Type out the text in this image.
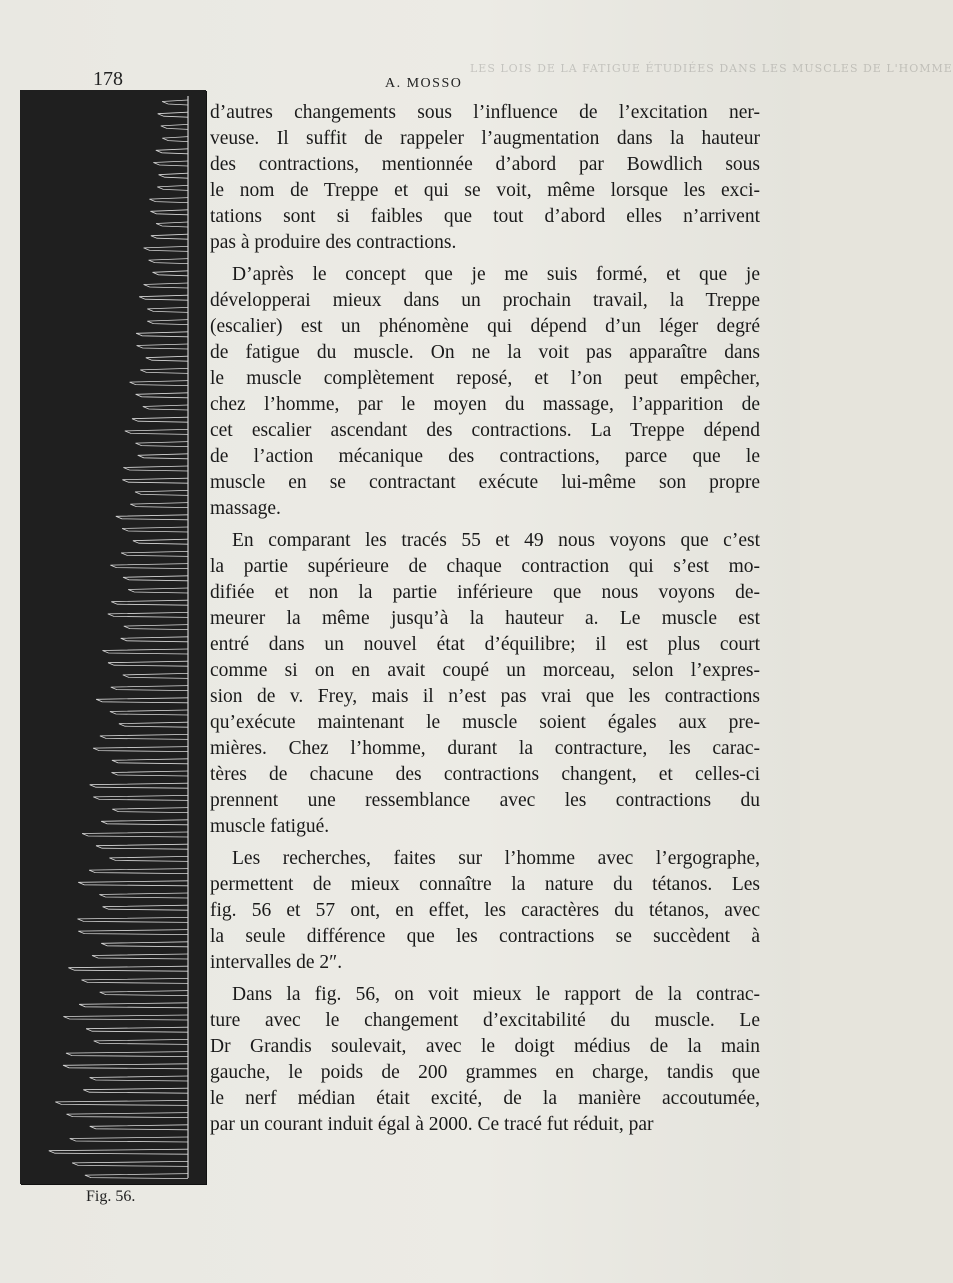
LES LOIS DE LA FATIGUE ÉTUDIÉES DANS LES MUSCLES DE L'HOMME
178	A. MOSSO
Fig. 56.

d’autres changements sous l’influence de l’excitation ner-
veuse. Il suffit de rappeler l’augmentation dans la hauteur
des contractions, mentionnée d’abord par Bowdlich sous
le nom de Treppe et qui se voit, même lorsque les exci-
tations sont si faibles que tout d’abord elles n’arrivent
pas à produire des contractions.

D’après le concept que je me suis formé, et que je
développerai mieux dans un prochain travail, la Treppe
(escalier) est un phénomène qui dépend d’un léger degré
de fatigue du muscle. On ne la voit pas apparaître dans
le muscle complètement reposé, et l’on peut empêcher,
chez l’homme, par le moyen du massage, l’apparition de
cet escalier ascendant des contractions. La Treppe dépend
de l’action mécanique des contractions, parce que le
muscle en se contractant exécute lui-même son propre
massage.

En comparant les tracés 55 et 49 nous voyons que c’est
la partie supérieure de chaque contraction qui s’est mo-
difiée et non la partie inférieure que nous voyons de-
meurer la même jusqu’à la hauteur a. Le muscle est
entré dans un nouvel état d’équilibre; il est plus court
comme si on en avait coupé un morceau, selon l’expres-
sion de v. Frey, mais il n’est pas vrai que les contractions
qu’exécute maintenant le muscle soient égales aux pre-
mières. Chez l’homme, durant la contracture, les carac-
tères de chacune des contractions changent, et celles-ci
prennent une ressemblance avec les contractions du
muscle fatigué.

Les recherches, faites sur l’homme avec l’ergographe,
permettent de mieux connaître la nature du tétanos. Les
fig. 56 et 57 ont, en effet, les caractères du tétanos, avec
la seule différence que les contractions se succèdent à
intervalles de 2″.

Dans la fig. 56, on voit mieux le rapport de la contrac-
ture avec le changement d’excitabilité du muscle. Le
Dr Grandis soulevait, avec le doigt médius de la main
gauche, le poids de 200 grammes en charge, tandis que
le nerf médian était excité, de la manière accoutumée,
par un courant induit égal à 2000. Ce tracé fut réduit, par
